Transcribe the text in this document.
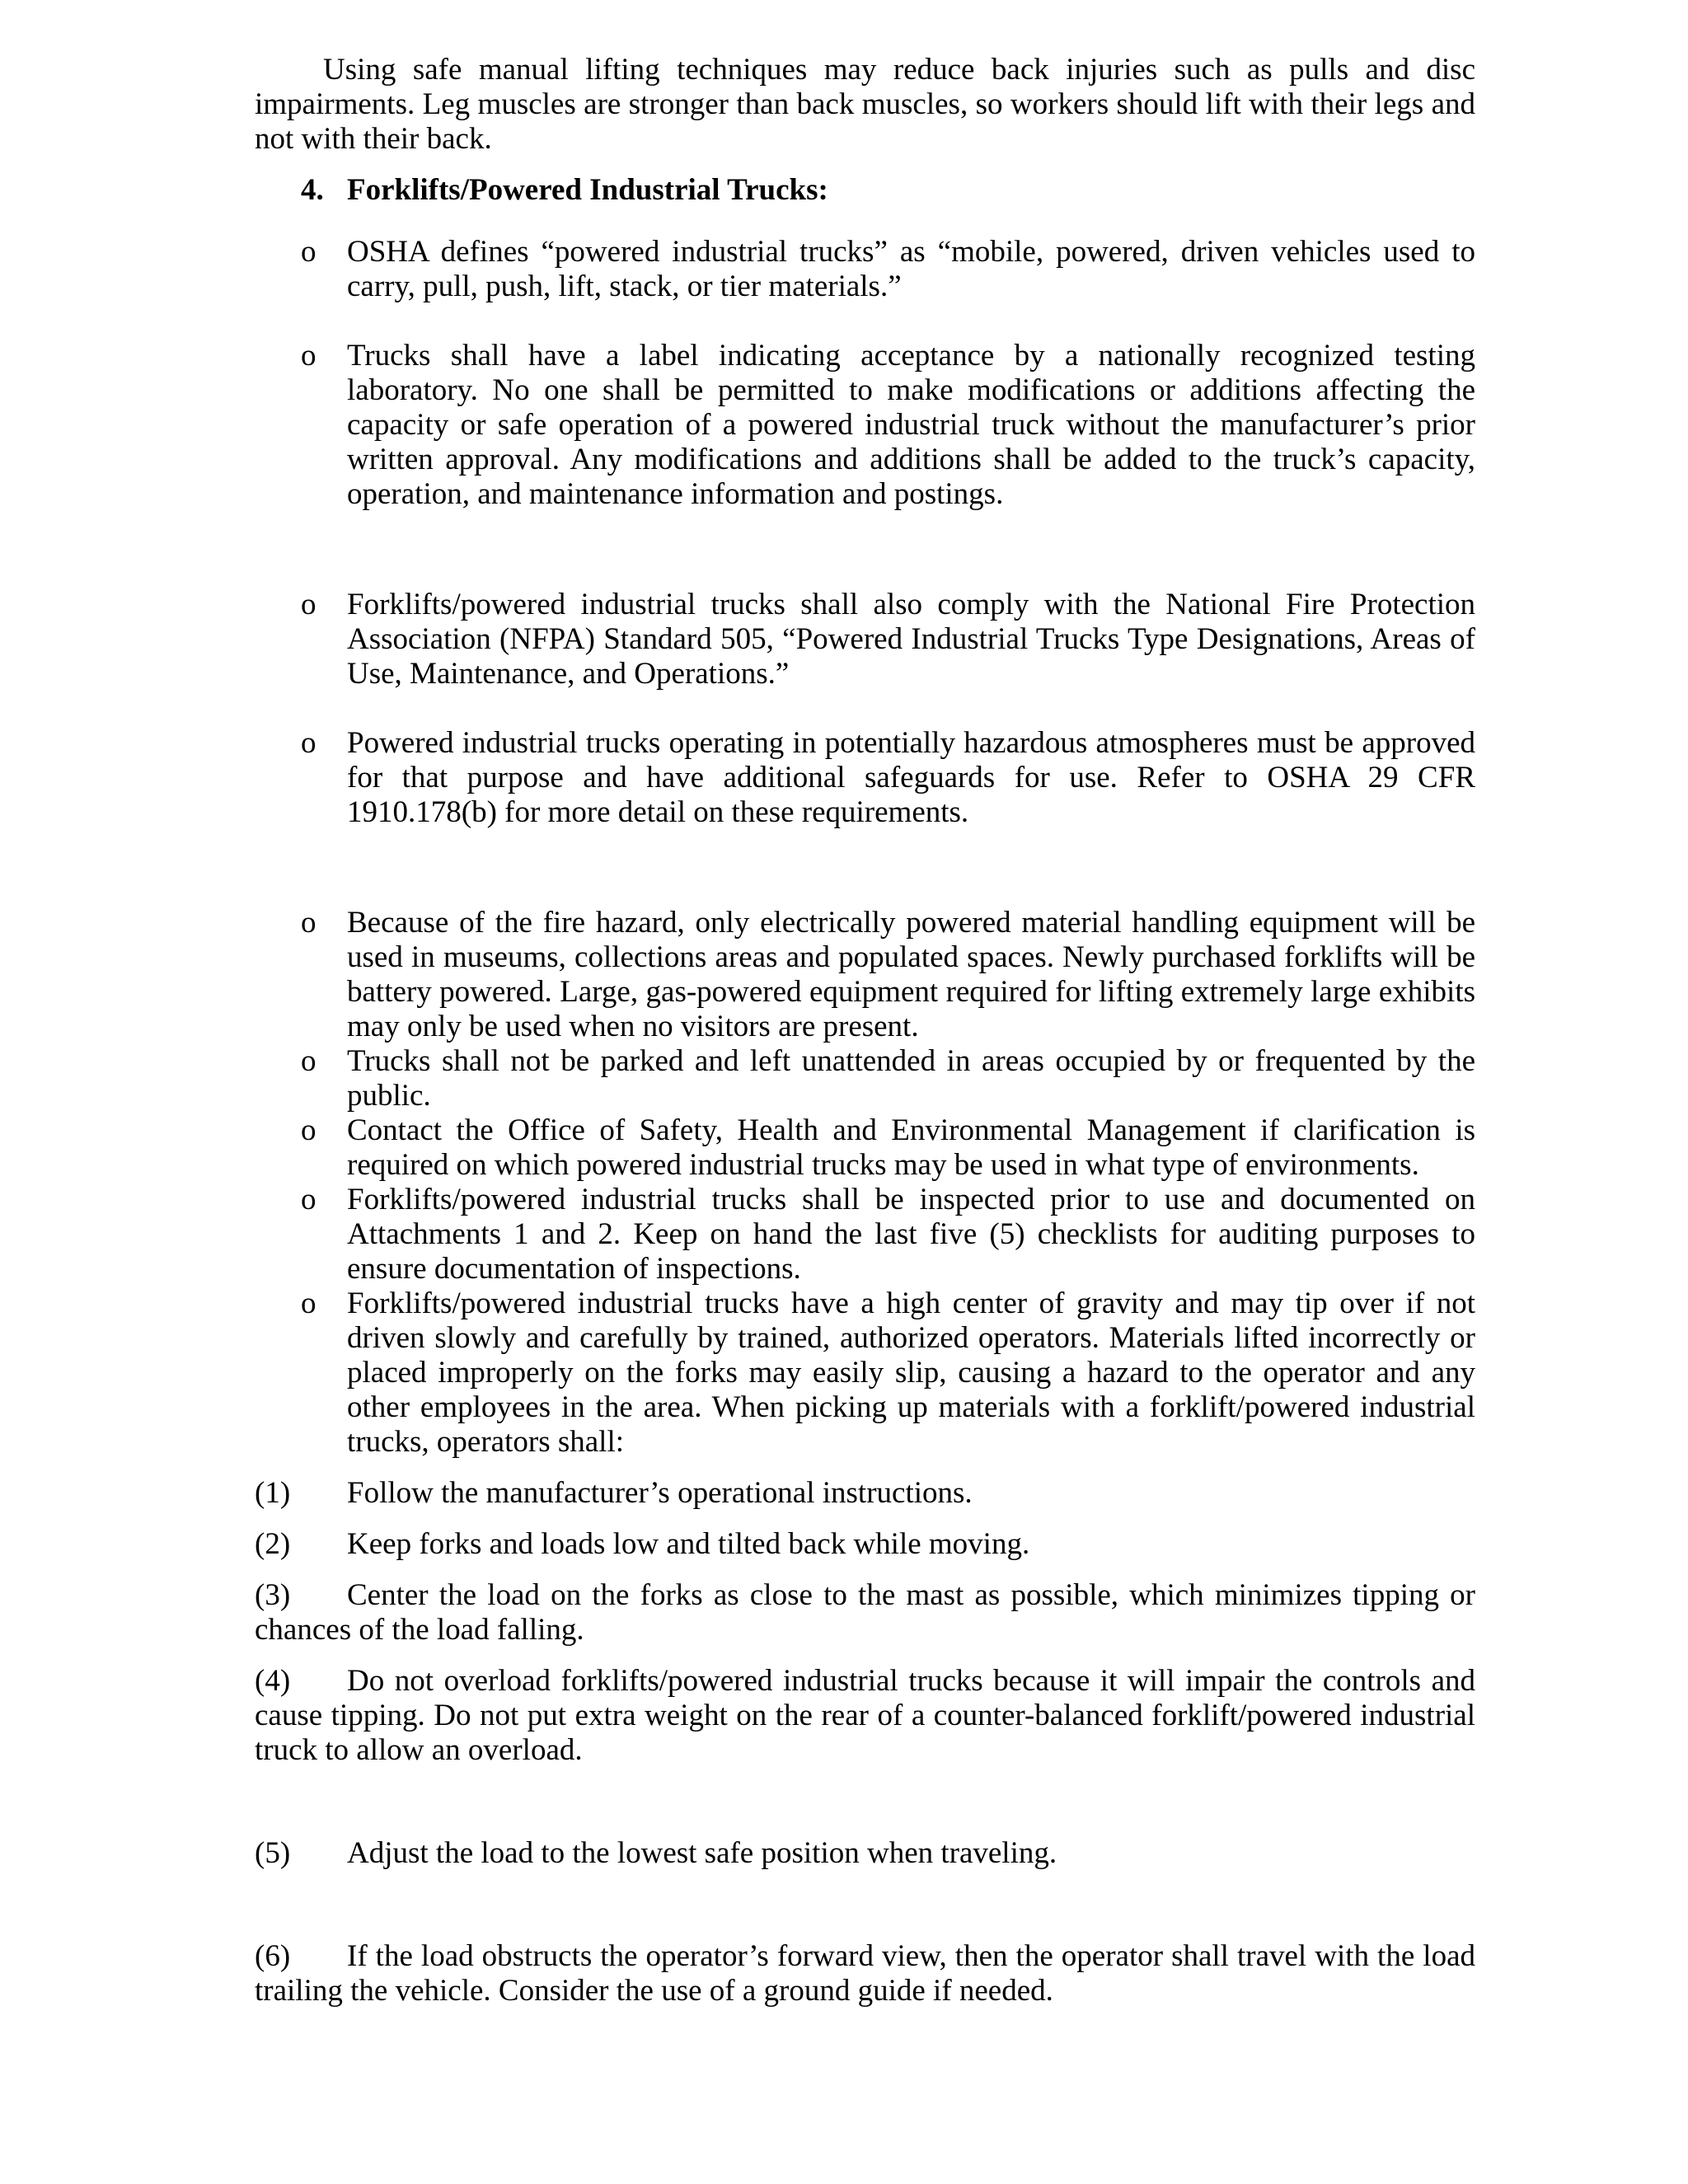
Using safe manual lifting techniques may reduce back injuries such as pulls and disc impairments. Leg muscles are stronger than back muscles, so workers should lift with their legs and not with their back.

4. Forklifts/Powered Industrial Trucks:
o OSHA defines “powered industrial trucks” as “mobile, powered, driven vehicles used to carry, pull, push, lift, stack, or tier materials.”
o Trucks shall have a label indicating acceptance by a nationally recognized testing laboratory. No one shall be permitted to make modifications or additions affecting the capacity or safe operation of a powered industrial truck without the manufacturer’s prior written approval. Any modifications and additions shall be added to the truck’s capacity, operation, and maintenance information and postings.
o Forklifts/powered industrial trucks shall also comply with the National Fire Protection Association (NFPA) Standard 505, “Powered Industrial Trucks Type Designations, Areas of Use, Maintenance, and Operations.”
o Powered industrial trucks operating in potentially hazardous atmospheres must be approved for that purpose and have additional safeguards for use. Refer to OSHA 29 CFR 1910.178(b) for more detail on these requirements.
o Because of the fire hazard, only electrically powered material handling equipment will be used in museums, collections areas and populated spaces. Newly purchased forklifts will be battery powered. Large, gas-powered equipment required for lifting extremely large exhibits may only be used when no visitors are present.
o Trucks shall not be parked and left unattended in areas occupied by or frequented by the public.
o Contact the Office of Safety, Health and Environmental Management if clarification is required on which powered industrial trucks may be used in what type of environments.
o Forklifts/powered industrial trucks shall be inspected prior to use and documented on Attachments 1 and 2. Keep on hand the last five (5) checklists for auditing purposes to ensure documentation of inspections.
o Forklifts/powered industrial trucks have a high center of gravity and may tip over if not driven slowly and carefully by trained, authorized operators. Materials lifted incorrectly or placed improperly on the forks may easily slip, causing a hazard to the operator and any other employees in the area. When picking up materials with a forklift/powered industrial trucks, operators shall:

(1) Follow the manufacturer’s operational instructions.

(2) Keep forks and loads low and tilted back while moving.

(3) Center the load on the forks as close to the mast as possible, which minimizes tipping or chances of the load falling.

(4) Do not overload forklifts/powered industrial trucks because it will impair the controls and cause tipping. Do not put extra weight on the rear of a counter-balanced forklift/powered industrial truck to allow an overload.

(5) Adjust the load to the lowest safe position when traveling.

(6) If the load obstructs the operator’s forward view, then the operator shall travel with the load trailing the vehicle. Consider the use of a ground guide if needed.
